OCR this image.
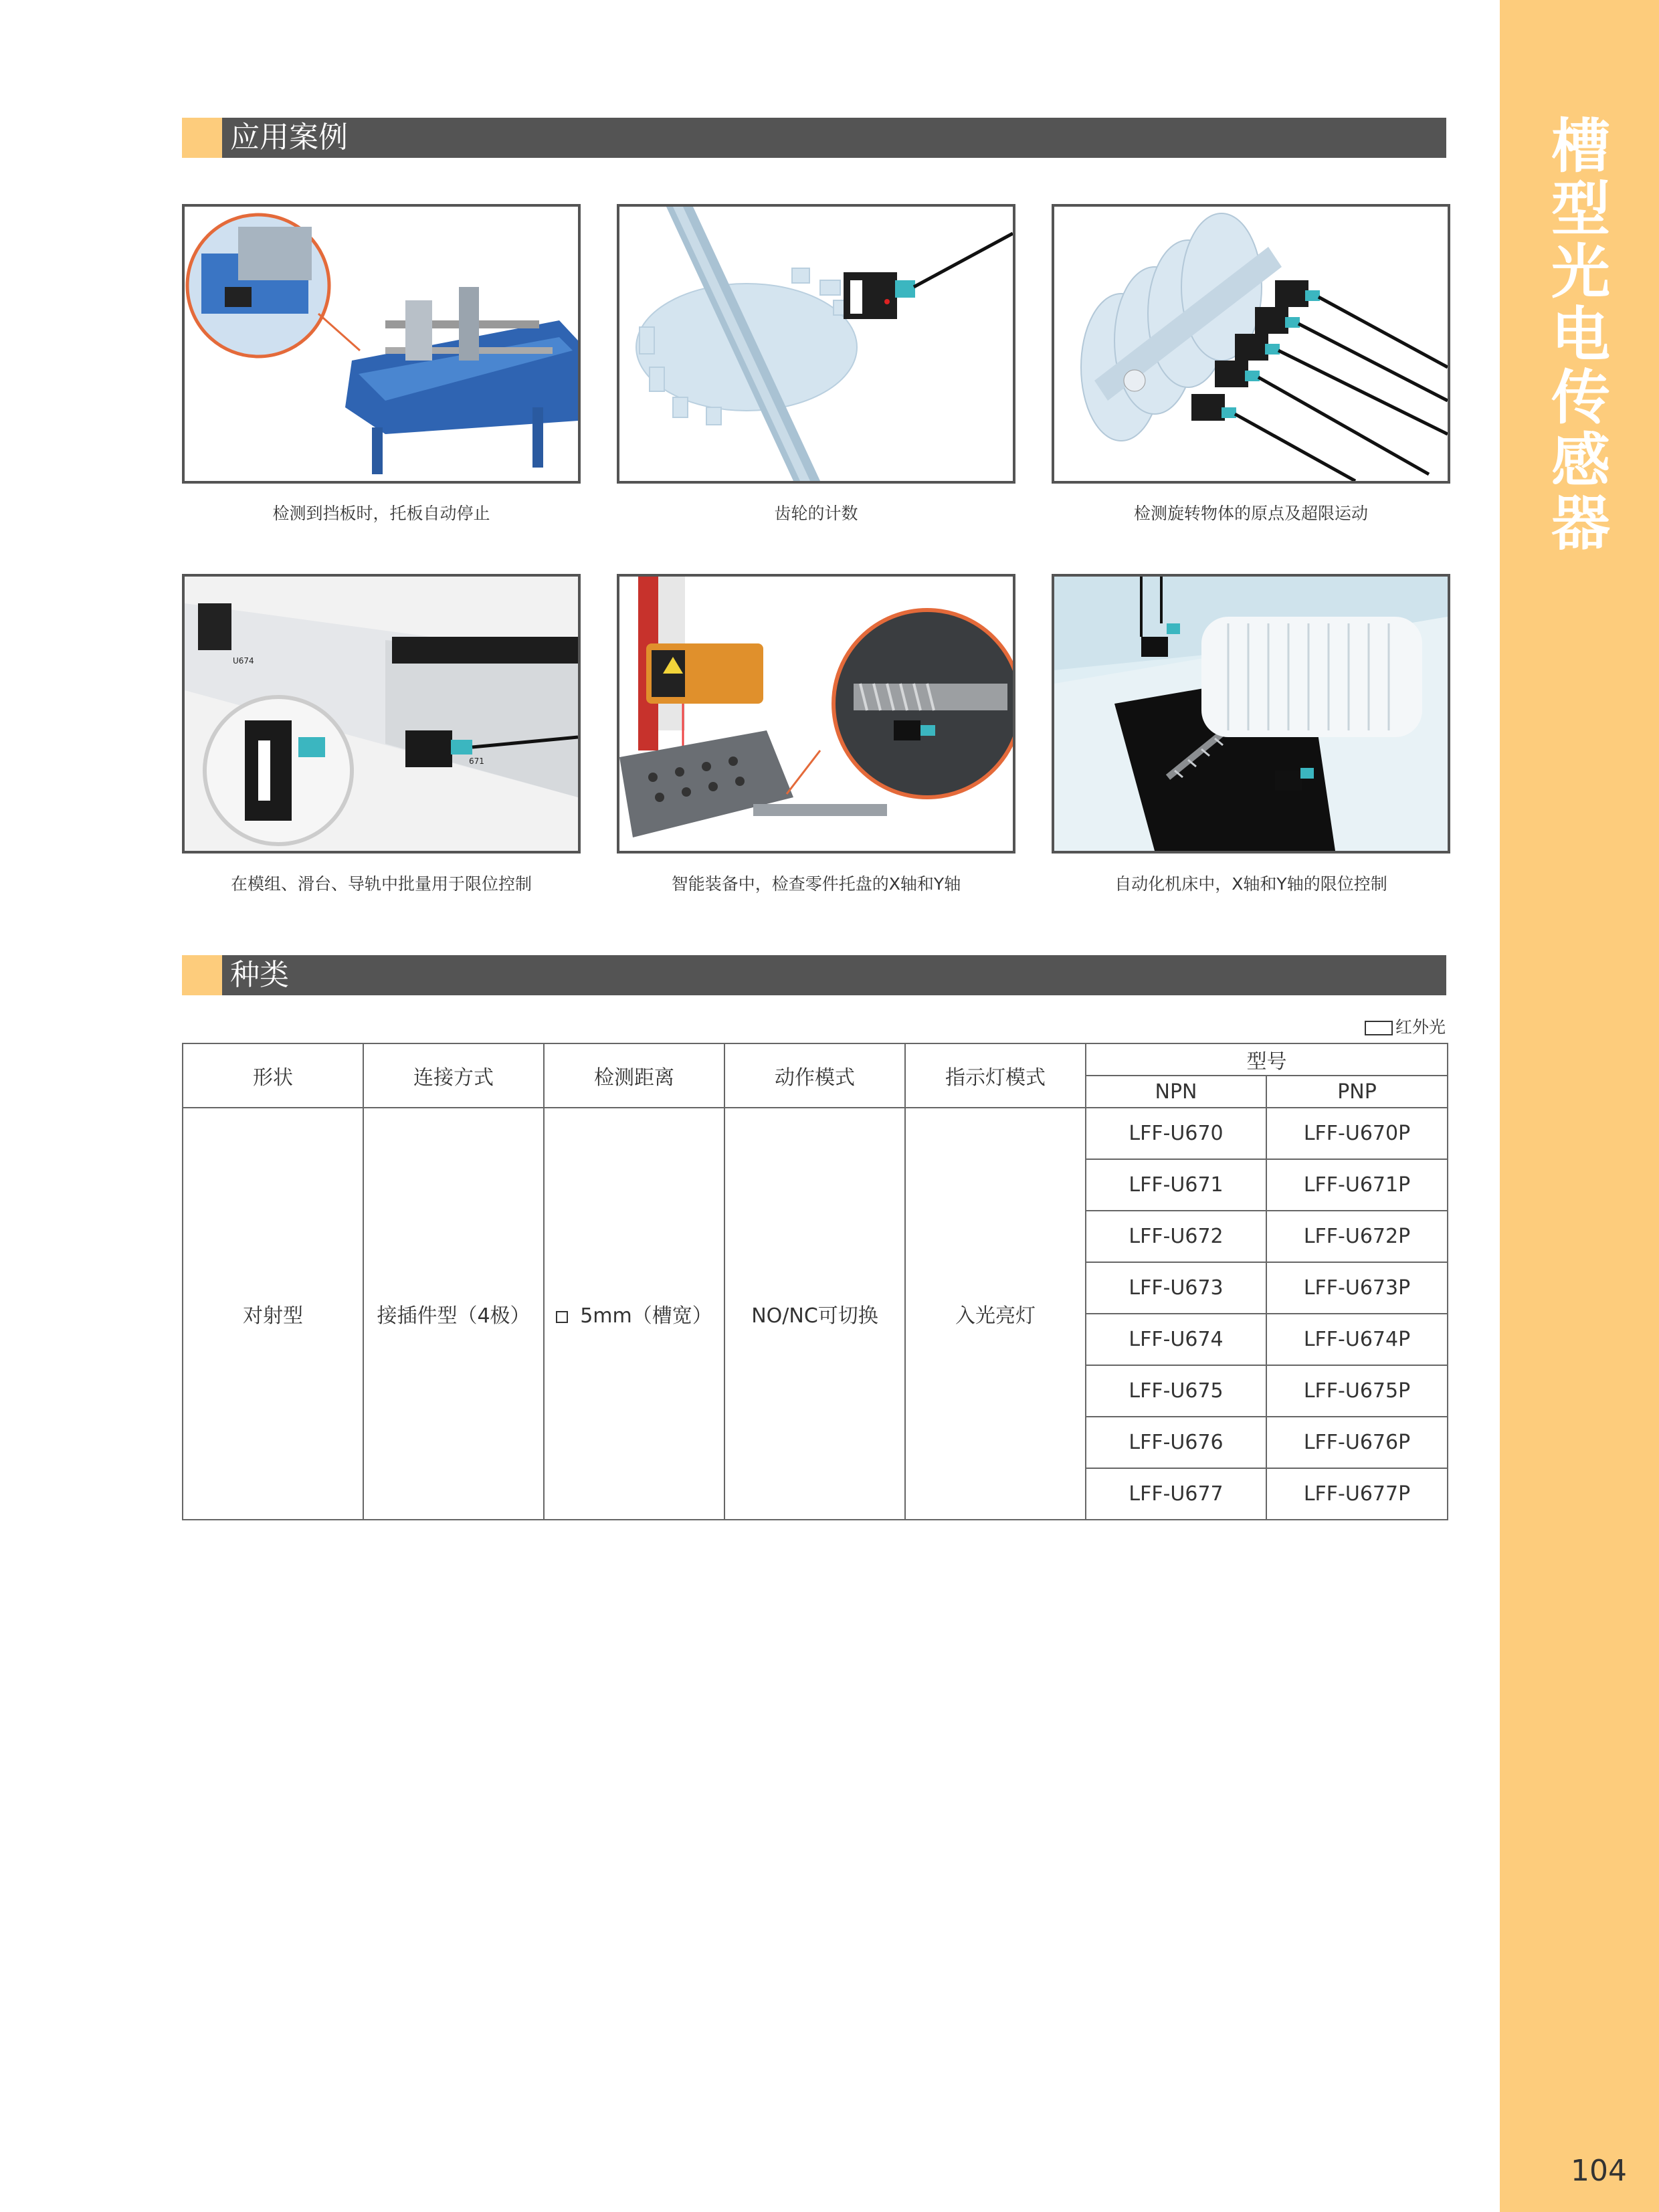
槽
型
光
电
传
感
器
104
应用案例
检测到挡板时，托板自动停止	齿轮的计数	检测旋转物体的原点及超限运动
U674
671
在模组、滑台、导轨中批量用于限位控制	智能装备中，检查零件托盘的X轴和Y轴	自动化机床中，X轴和Y轴的限位控制
种类
红外光
形状	连接方式	检测距离	动作模式	指示灯模式	型号	
					NPN	PNP
对射型	接插件型（4极）	5mm（槽宽）	NO/NC可切换	入光亮灯	LFF-U670	LFF-U670P
					LFF-U671	LFF-U671P
					LFF-U672	LFF-U672P
					LFF-U673	LFF-U673P
					LFF-U674	LFF-U674P
					LFF-U675	LFF-U675P
					LFF-U676	LFF-U676P
					LFF-U677	LFF-U677P
